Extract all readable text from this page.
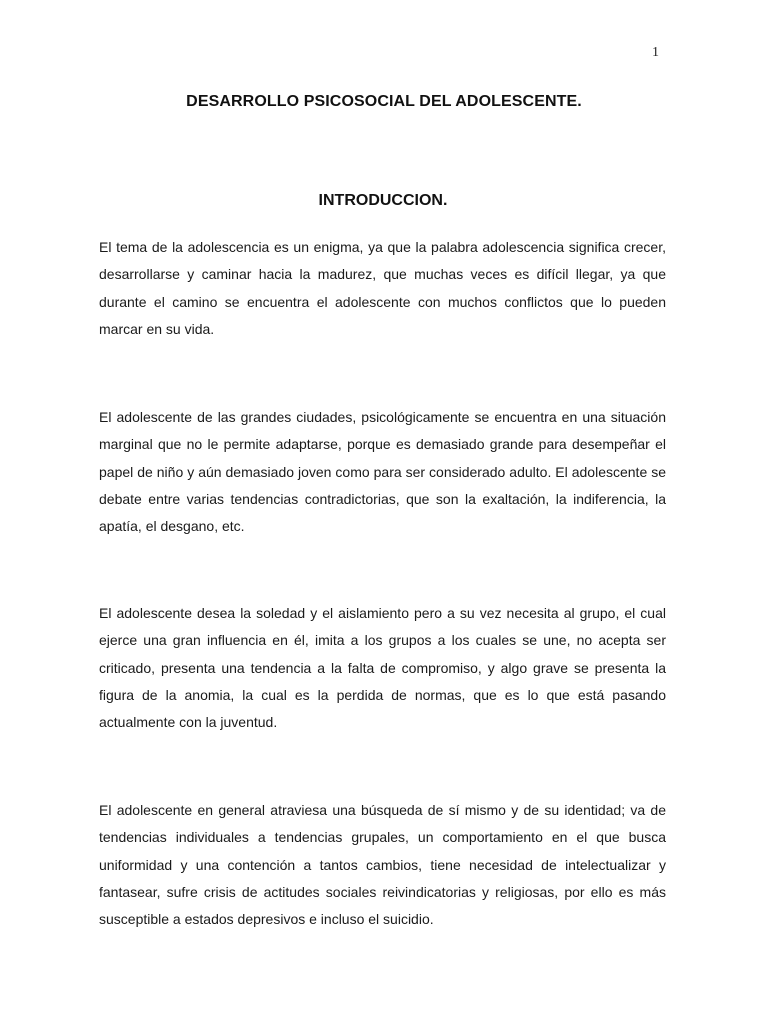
1
DESARROLLO PSICOSOCIAL DEL ADOLESCENTE.
INTRODUCCION.

El tema de la adolescencia es un enigma, ya que la palabra adolescencia significa crecer, desarrollarse y caminar hacia la madurez, que muchas veces es difícil llegar, ya que durante el camino se encuentra el adolescente con muchos conflictos que lo pueden marcar en su vida.

El adolescente de las grandes ciudades, psicológicamente se encuentra en una situación marginal que no le permite adaptarse, porque es demasiado grande para desempeñar el papel de niño y aún demasiado joven como para ser considerado adulto. El adolescente se debate entre varias tendencias contradictorias, que son la exaltación, la indiferencia, la apatía, el desgano, etc.

El adolescente desea la soledad y el aislamiento pero a su vez necesita al grupo, el cual ejerce una gran influencia en él, imita a los grupos a los cuales se une, no acepta ser criticado, presenta una tendencia a la falta de compromiso, y algo grave se presenta la figura de la anomia, la cual es la perdida de normas, que es lo que está pasando actualmente con la juventud.

El adolescente en general atraviesa una búsqueda de sí mismo y de su identidad; va de tendencias individuales a tendencias grupales, un comportamiento en el que busca uniformidad y una contención a tantos cambios, tiene necesidad de intelectualizar y fantasear, sufre crisis de actitudes sociales reivindicatorias y religiosas, por ello es más susceptible a estados depresivos e incluso el suicidio.
